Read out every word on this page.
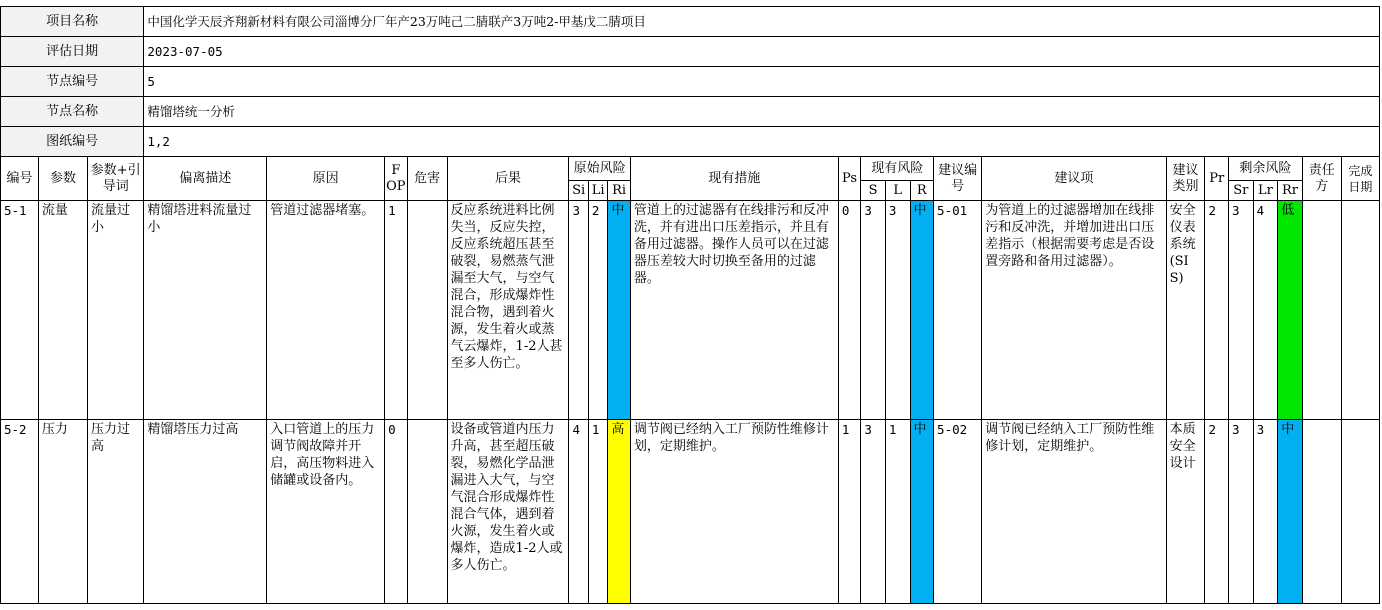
项目名称			中国化学天辰齐翔新材料有限公司淄博分厂年产23万吨己二腈联产3万吨2-甲基戊二腈项目																					
评估日期			2023-07-05																					
节点编号			5																					
节点名称			精馏塔统一分析																					
图纸编号			1,2																					
编号	参数	参数+引导词	偏离描述	原因	FOP	危害	后果	原始风险			现有措施	Ps	现有风险			建议编号	建议项	建议类别	Pr	剩余风险			责任方	完成日期
								Si	Li	Ri			S	L	R					Sr	Lr	Rr		
5-1	流量	流量过小	精馏塔进料流量过小	管道过滤器堵塞。	1		反应系统进料比例失当，反应失控，反应系统超压甚至破裂，易燃蒸气泄漏至大气，与空气混合，形成爆炸性混合物，遇到着火源，发生着火或蒸气云爆炸，1-2人甚至多人伤亡。	3	2	中	管道上的过滤器有在线排污和反冲洗，并有进出口压差指示，并且有备用过滤器。操作人员可以在过滤器压差较大时切换至备用的过滤器。	0	3	3	中	5-01	为管道上的过滤器增加在线排污和反冲洗，并增加进出口压差指示（根据需要考虑是否设置旁路和备用过滤器）。	安全仪表系统(SIS)	2	3	4	低		
5-2	压力	压力过高	精馏塔压力过高	入口管道上的压力调节阀故障并开启，高压物料进入储罐或设备内。	0		设备或管道内压力升高，甚至超压破裂，易燃化学品泄漏进入大气，与空气混合形成爆炸性混合气体，遇到着火源，发生着火或爆炸，造成1-2人或多人伤亡。	4	1	高	调节阀已经纳入工厂预防性维修计划，定期维护。	1	3	1	中	5-02	调节阀已经纳入工厂预防性维修计划，定期维护。	本质安全设计	2	3	3	中		
